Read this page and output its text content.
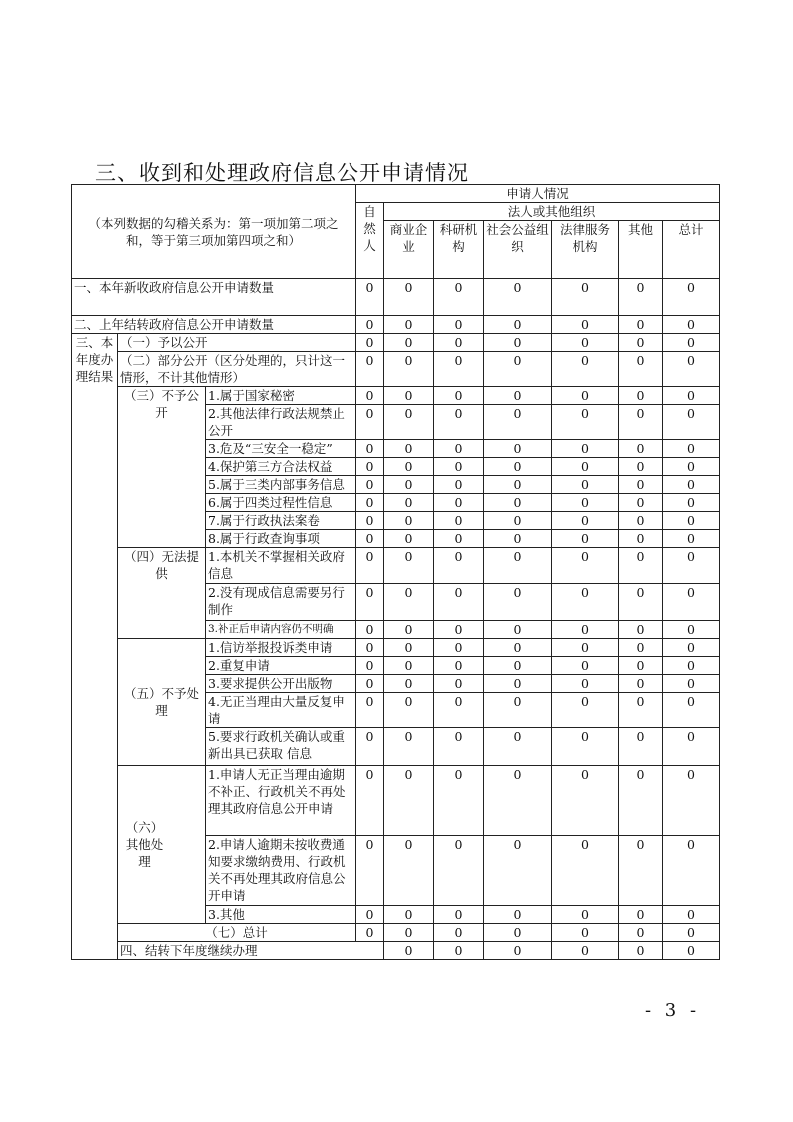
三、收到和处理政府信息公开申请情况
（本列数据的勾稽关系为：第一项加第二项之和，等于第三项加第四项之和）			申请人情况							
			自然人	法人或其他组织						
				商业企业	科研机构	社会公益组织	法律服务机构	其他	总计	
一、本年新收政府信息公开申请数量			0	0	0	0	0	0	0	
二、上年结转政府信息公开申请数量			0	0	0	0	0	0	0	
三、本年度办理结果	（一）予以公开		0	0	0	0	0	0	0	
	（二）部分公开（区分处理的，只计这一情形，不计其他情形）		0	0	0	0	0	0	0	
	（三）不予公开	1.属于国家秘密	0	0	0	0	0	0	0	
		2.其他法律行政法规禁止公开	0	0	0	0	0	0	0	
		3.危及“三安全一稳定”	0	0	0	0	0	0	0	
		4.保护第三方合法权益	0	0	0	0	0	0	0	
		5.属于三类内部事务信息	0	0	0	0	0	0	0	
		6.属于四类过程性信息	0	0	0	0	0	0	0	
		7.属于行政执法案卷	0	0	0	0	0	0	0	
		8.属于行政查询事项	0	0	0	0	0	0	0	
	（四）无法提供	1.本机关不掌握相关政府信息	0	0	0	0	0	0	0	
		2.没有现成信息需要另行制作	0	0	0	0	0	0	0	
		3.补正后申请内容仍不明确	0	0	0	0	0	0	0	
	（五）不予处理	1.信访举报投诉类申请	0	0	0	0	0	0	0	
		2.重复申请	0	0	0	0	0	0	0	
		3.要求提供公开出版物	0	0	0	0	0	0	0	
		4.无正当理由大量反复申请	0	0	0	0	0	0	0	
		5.要求行政机关确认或重新出具已获取 信息	0	0	0	0	0	0	0	
	（六）其他处理	1.申请人无正当理由逾期不补正、行政机关不再处理其政府信息公开申请	0	0	0	0	0	0	0	
		2.申请人逾期未按收费通知要求缴纳费用、行政机关不再处理其政府信息公开申请	0	0	0	0	0	0	0	
		3.其他	0	0	0	0	0	0	0	
	（七）总计		0	0	0	0	0	0	0	
	四、结转下年度继续办理			0	0	0	0	0	0	
- 3 -
